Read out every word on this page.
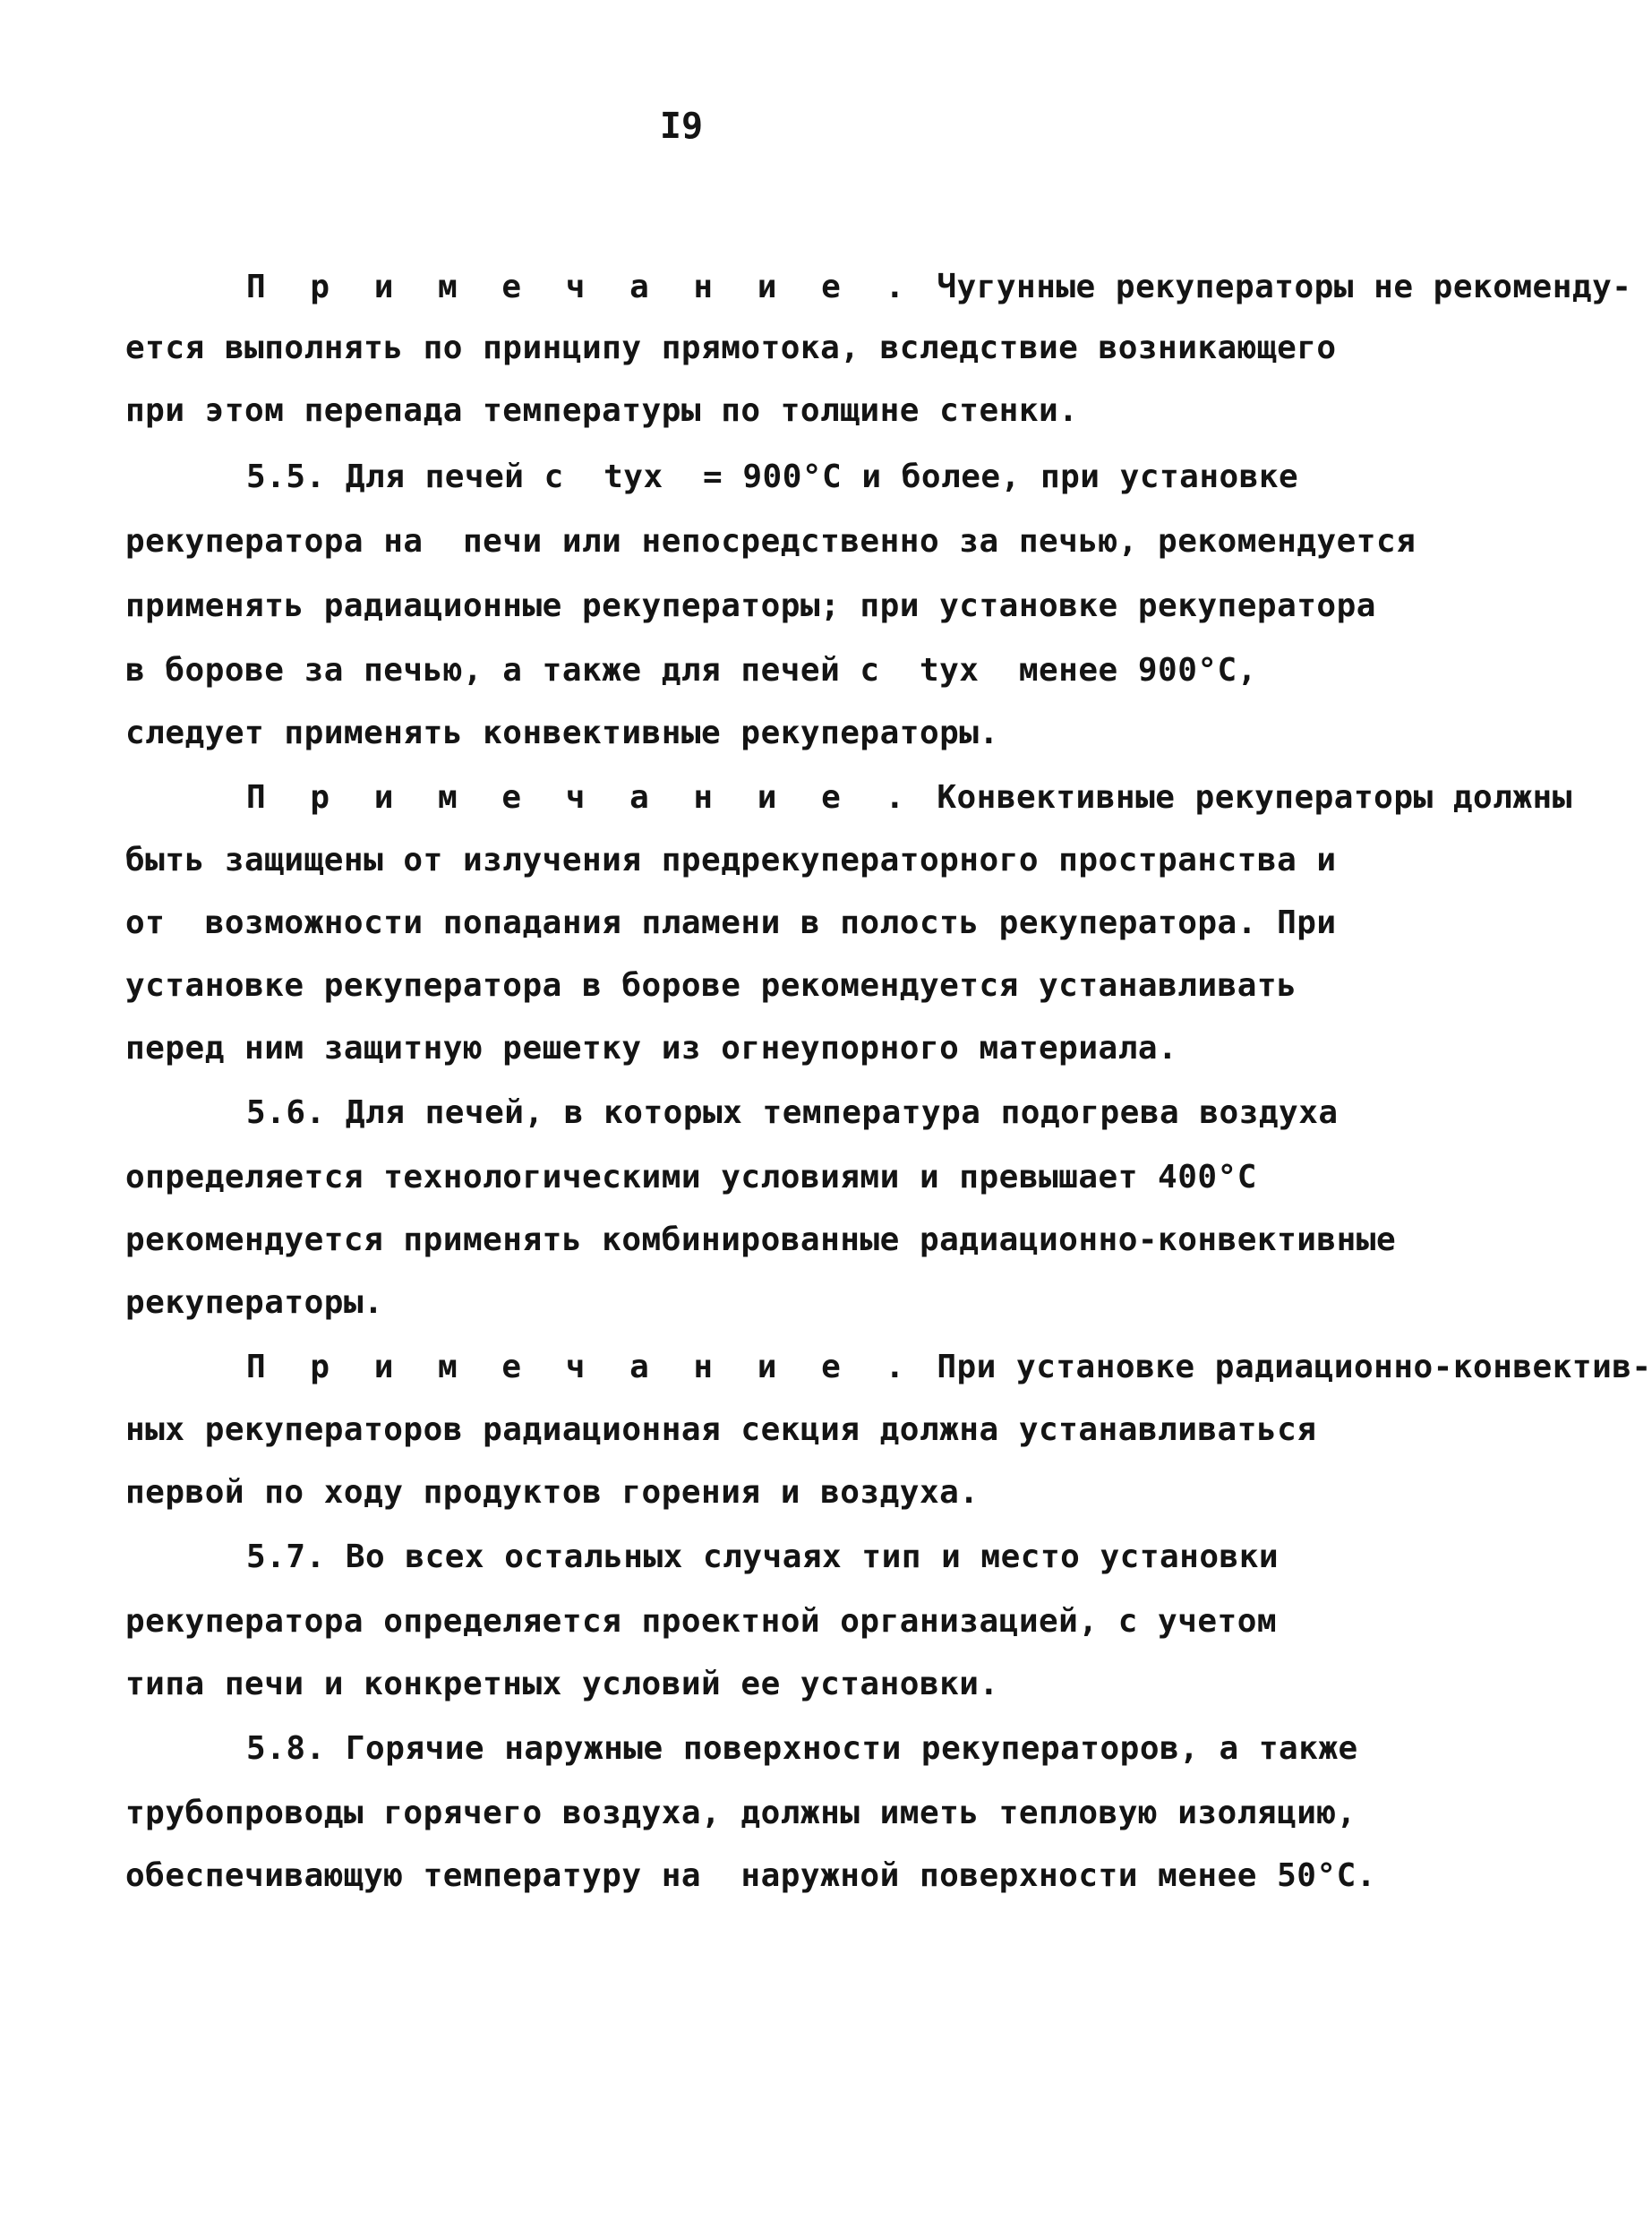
I9
П р и м е ч а н и е . Чугунные рекуператоры не рекоменду-
ется выполнять по принципу прямотока, вследствие возникающего
при этом перепада температуры по толщине стенки.
5.5. Для печей с  tух  = 900°С и более, при установке
рекуператора на  печи или непосредственно за печью, рекомендуется
применять радиационные рекуператоры; при установке рекуператора
в борове за печью, а также для печей с  tух  менее 900°С,
следует применять конвективные рекуператоры.
П р и м е ч а н и е . Конвективные рекуператоры должны
быть защищены от излучения предрекуператорного пространства и
от  возможности попадания пламени в полость рекуператора. При
установке рекуператора в борове рекомендуется устанавливать
перед ним защитную решетку из огнеупорного материала.
5.6. Для печей, в которых температура подогрева воздуха
определяется технологическими условиями и превышает 400°С
рекомендуется применять комбинированные радиационно-конвективные
рекуператоры.
П р и м е ч а н и е . При установке радиационно-конвектив-
ных рекуператоров радиационная секция должна устанавливаться
первой по ходу продуктов горения и воздуха.
5.7. Во всех остальных случаях тип и место установки
рекуператора определяется проектной организацией, с учетом
типа печи и конкретных условий ее установки.
5.8. Горячие наружные поверхности рекуператоров, а также
трубопроводы горячего воздуха, должны иметь тепловую изоляцию,
обеспечивающую температуру на  наружной поверхности менее 50°С.
